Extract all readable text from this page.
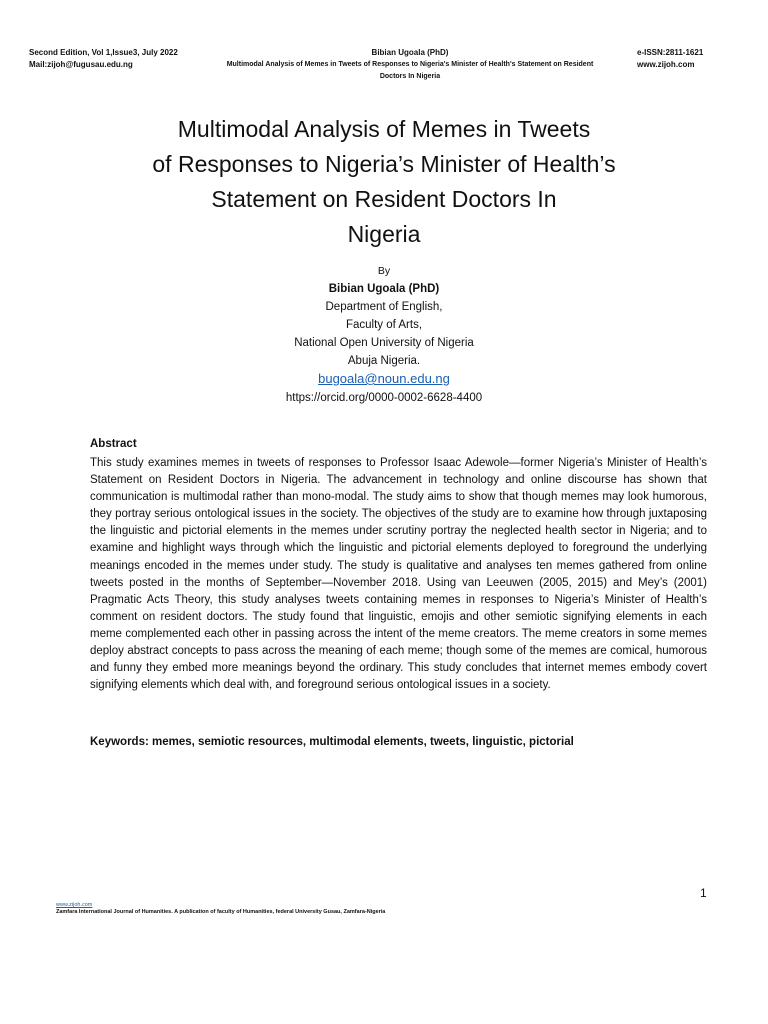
Second Edition, Vol 1,Issue3, July 2022
Mail:zijoh@fugusau.edu.ng
Bibian Ugoala (PhD)
Multimodal Analysis of Memes in Tweets of Responses to Nigeria's Minister of Health's Statement on Resident
Doctors In Nigeria
e-ISSN:2811-1621
www.zijoh.com
Multimodal Analysis of Memes in Tweets
of Responses to Nigeria’s Minister of Health’s
Statement on Resident Doctors In
Nigeria
By
Bibian Ugoala (PhD)
Department of English,
Faculty of Arts,
National Open University of Nigeria
Abuja Nigeria.
bugoala@noun.edu.ng
https://orcid.org/0000-0002-6628-4400
Abstract

This study examines memes in tweets of responses to Professor Isaac Adewole—former Nigeria’s Minister of Health’s Statement on Resident Doctors in Nigeria. The advancement in technology and online discourse has shown that communication is multimodal rather than mono-modal. The study aims to show that though memes may look humorous, they portray serious ontological issues in the society. The objectives of the study are to examine how through juxtaposing the linguistic and pictorial elements in the memes under scrutiny portray the neglected health sector in Nigeria; and to examine and highlight ways through which the linguistic and pictorial elements deployed to foreground the underlying meanings encoded in the memes under study. The study is qualitative and analyses ten memes gathered from online tweets posted in the months of September—November 2018. Using van Leeuwen (2005, 2015) and Mey’s (2001) Pragmatic Acts Theory, this study analyses tweets containing memes in responses to Nigeria’s Minister of Health’s comment on resident doctors. The study found that linguistic, emojis and other semiotic signifying elements in each meme complemented each other in passing across the intent of the meme creators. The meme creators in some memes deploy abstract concepts to pass across the meaning of each meme; though some of the memes are comical, humorous and funny they embed more meanings beyond the ordinary. This study concludes that internet memes embody covert signifying elements which deal with, and foreground serious ontological issues in a society.

Keywords: memes, semiotic resources, multimodal elements, tweets, linguistic, pictorial
1
www.zijoh.com
Zamfara International Journal of Humanities. A publication of faculty of Humanities, federal University Gusau, Zamfara-Nigeria
